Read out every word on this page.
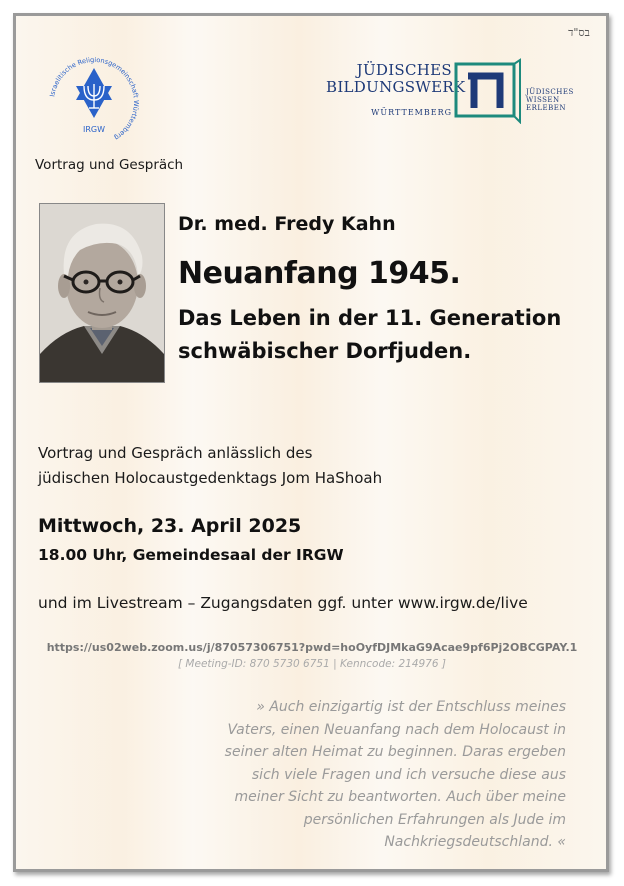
בס"ד
Israelitische Religionsgemeinschaft Württemberg
IRGW
JÜDISCHES
BILDUNGSWERK
WÜRTTEMBERG
JÜDISCHES
WISSEN
ERLEBEN
Vortrag und Gespräch
Dr. med. Fredy Kahn
Neuanfang 1945.
Das Leben in der 11. Generation
schwäbischer Dorfjuden.
Vortrag und Gespräch anlässlich des
jüdischen Holocaustgedenktags Jom HaShoah
Mittwoch, 23. April 2025
18.00 Uhr, Gemeindesaal der IRGW
und im Livestream – Zugangsdaten ggf. unter www.irgw.de/live
https://us02web.zoom.us/j/87057306751?pwd=hoOyfDJMkaG9Acae9pf6Pj2OBCGPAY.1
[ Meeting-ID: 870 5730 6751 | Kenncode: 214976 ]
» Auch einzigartig ist der Entschluss meines
Vaters, einen Neuanfang nach dem Holocaust in
seiner alten Heimat zu beginnen. Daras ergeben
sich viele Fragen und ich versuche diese aus
meiner Sicht zu beantworten. Auch über meine
persönlichen Erfahrungen als Jude im
Nachkriegsdeutschland. «
